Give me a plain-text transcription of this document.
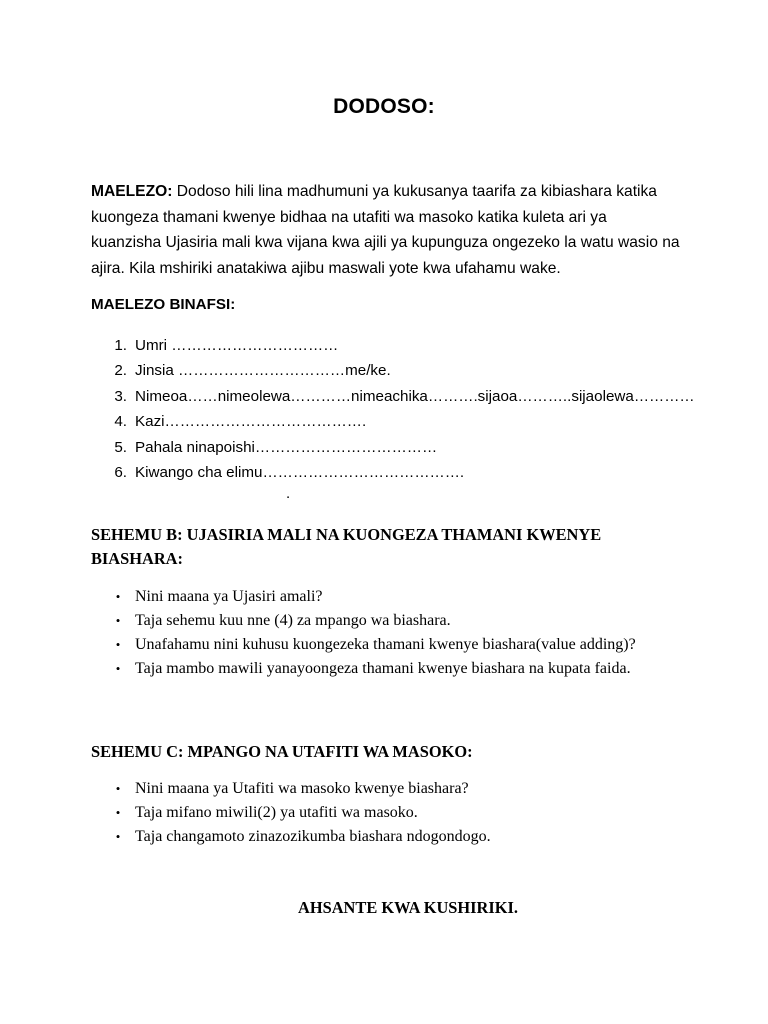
DODOSO:
MAELEZO: Dodoso hili lina madhumuni ya kukusanya taarifa za kibiashara katika kuongeza thamani kwenye bidhaa na utafiti wa masoko katika kuleta ari ya kuanzisha Ujasiria mali kwa vijana kwa ajili ya kupunguza ongezeko la watu wasio na ajira. Kila mshiriki anatakiwa ajibu maswali yote kwa ufahamu wake.
MAELEZO BINAFSI:
1. Umri ……………………………
2. Jinsia ……………………………me/ke.
3. Nimeoa……nimeolewa…………nimeachika……….sijaoa………..sijaolewa…………
4. Kazi………………………………….
5. Pahala ninapoishi………………………………
6. Kiwango cha elimu………………………………….
.
SEHEMU B: UJASIRIA MALI NA KUONGEZA THAMANI KWENYE BIASHARA:
• Nini maana ya Ujasiri amali?
• Taja sehemu kuu nne (4) za mpango wa biashara.
• Unafahamu nini kuhusu kuongezeka thamani kwenye biashara(value adding)?
• Taja mambo mawili yanayoongeza thamani kwenye biashara na kupata faida.
SEHEMU C: MPANGO NA UTAFITI WA MASOKO:
• Nini maana ya Utafiti wa masoko kwenye biashara?
• Taja mifano miwili(2) ya utafiti wa masoko.
• Taja changamoto zinazozikumba biashara ndogondogo.
AHSANTE KWA KUSHIRIKI.
